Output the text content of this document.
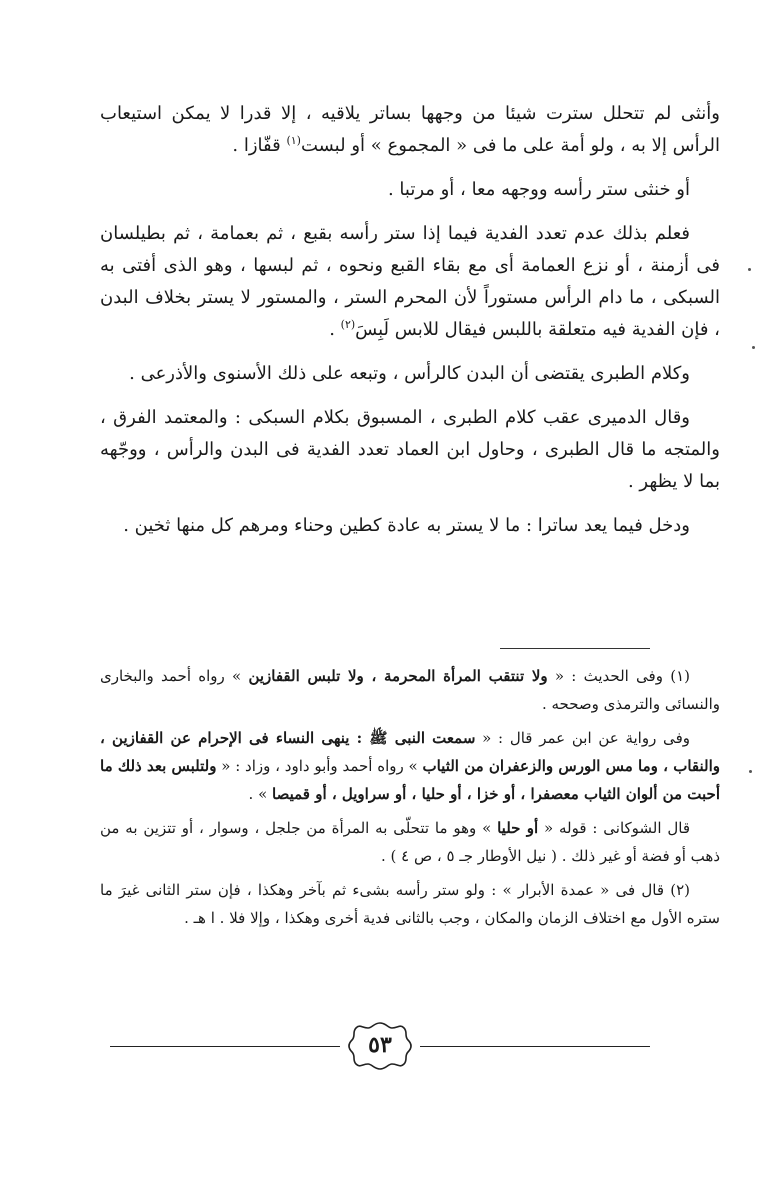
وأنثى لم تتحلل سترت شيئا من وجهها بساتر يلاقيه ، إلا قدرا لا يمكن استيعاب الرأس إلا به ، ولو أمة على ما فى « المجموع » أو لبست$^{(١)}$ قفّازا .

أو خنثى ستر رأسه ووجهه معا ، أو مرتبا .

فعلم بذلك عدم تعدد الفدية فيما إذا ستر رأسه بقبع ، ثم بعمامة ، ثم بطيلسان فى أزمنة ، أو نزع العمامة أى مع بقاء القبع ونحوه ، ثم لبسها ، وهو الذى أفتى به السبكى ، ما دام الرأس مستوراً لأن المحرم الستر ، والمستور لا يستر بخلاف البدن ، فإن الفدية فيه متعلقة باللبس فيقال للابس لَبِسَ$^{(٢)}$ .

وكلام الطبرى يقتضى أن البدن كالرأس ، وتبعه على ذلك الأسنوى والأذرعى .

وقال الدميرى عقب كلام الطبرى ، المسبوق بكلام السبكى : والمعتمد الفرق ، والمتجه ما قال الطبرى ، وحاول ابن العماد تعدد الفدية فى البدن والرأس ، ووجّهه بما لا يظهر .

ودخل فيما يعد ساترا : ما لا يستر به عادة كطين وحناء ومرهم كل منها ثخين .

(١) وفى الحديث : « ولا تنتقب المرأة المحرمة ، ولا تلبس القفازين » رواه أحمد والبخارى والنسائى والترمذى وصححه .

وفى رواية عن ابن عمر قال : « سمعت النبى ﷺ : ينهى النساء فى الإحرام عن القفازين ، والنقاب ، وما مس الورس والزعفران من الثياب » رواه أحمد وأبو داود ، وزاد : « ولتلبس بعد ذلك ما أحبت من ألوان الثياب معصفرا ، أو خزا ، أو حليا ، أو سراويل ، أو قميصا » .

قال الشوكانى : قوله « أو حليا » وهو ما تتحلّى به المرأة من جلجل ، وسوار ، أو تتزين به من ذهب أو فضة أو غير ذلك . ( نيل الأوطار جـ ٥ ، ص ٤ ) .

(٢) قال فى « عمدة الأبرار » : ولو ستر رأسه بشىء ثم بآخر وهكذا ، فإن ستر الثانى غيرَ ما ستره الأول مع اختلاف الزمان والمكان ، وجب بالثانى فدية أخرى وهكذا ، وإلا فلا . ا هـ .

٥٣
